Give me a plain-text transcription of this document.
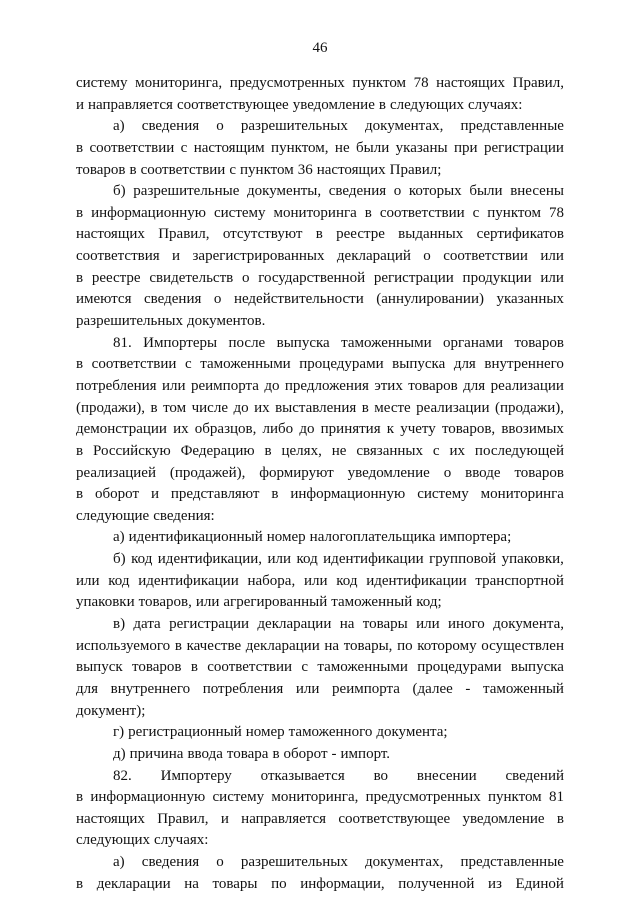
46
систему мониторинга, предусмотренных пунктом 78 настоящих Правил,
и направляется соответствующее уведомление в следующих случаях:
а) сведения о разрешительных документах, представленные
в соответствии с настоящим пунктом, не были указаны при регистрации
товаров в соответствии с пунктом 36 настоящих Правил;
б) разрешительные документы, сведения о которых были внесены
в информационную систему мониторинга в соответствии с пунктом 78
настоящих Правил, отсутствуют в реестре выданных сертификатов
соответствия и зарегистрированных деклараций о соответствии или
в реестре свидетельств о государственной регистрации продукции или
имеются сведения о недействительности (аннулировании) указанных
разрешительных документов.
81. Импортеры после выпуска таможенными органами товаров
в соответствии с таможенными процедурами выпуска для внутреннего
потребления или реимпорта до предложения этих товаров для реализации
(продажи), в том числе до их выставления в месте реализации (продажи),
демонстрации их образцов, либо до принятия к учету товаров, ввозимых
в Российскую Федерацию в целях, не связанных с их последующей
реализацией (продажей), формируют уведомление о вводе товаров
в оборот и представляют в информационную систему мониторинга
следующие сведения:
а) идентификационный номер налогоплательщика импортера;
б) код идентификации, или код идентификации групповой упаковки,
или код идентификации набора, или код идентификации транспортной
упаковки товаров, или агрегированный таможенный код;
в) дата регистрации декларации на товары или иного документа,
используемого в качестве декларации на товары, по которому осуществлен
выпуск товаров в соответствии с таможенными процедурами выпуска
для внутреннего потребления или реимпорта (далее - таможенный
документ);
г) регистрационный номер таможенного документа;
д) причина ввода товара в оборот - импорт.
82. Импортеру отказывается во внесении сведений
в информационную систему мониторинга, предусмотренных пунктом 81
настоящих Правил, и направляется соответствующее уведомление в
следующих случаях:
а) сведения о разрешительных документах, представленные
в декларации на товары по информации, полученной из Единой
